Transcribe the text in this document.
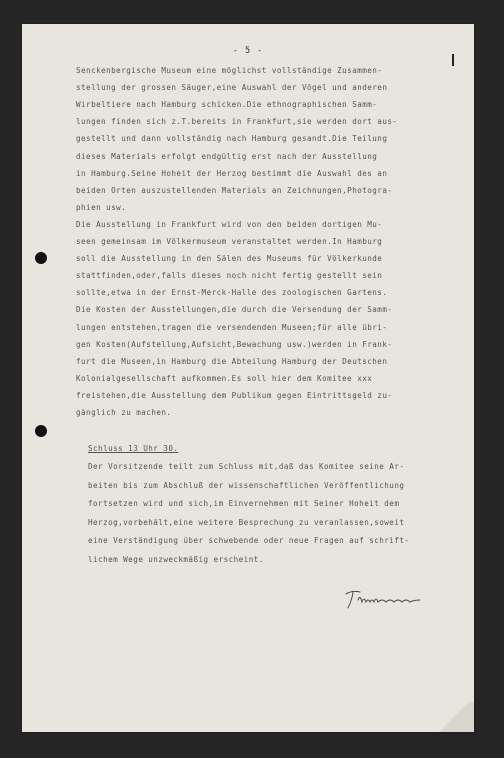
- 5 -
Senckenbergische Museum eine möglichst vollständige Zusammen-
stellung der grossen Säuger,eine Auswahl der Vögel und anderen
Wirbeltiere nach Hamburg schicken.Die ethnographischen Samm-
lungen finden sich z.T.bereits in Frankfurt,sie werden dort aus-
gestellt und dann vollständig nach Hamburg gesandt.Die Teilung
dieses Materials erfolgt endgültig erst nach der Ausstellung
in Hamburg.Seine Hoheit der Herzog bestimmt die Auswahl des an
beiden Orten auszustellenden Materials an Zeichnungen,Photogra-
phien usw.
Die Ausstellung in Frankfurt wird von den beiden dortigen Mu-
seen gemeinsam im Völkermuseum veranstaltet werden.In Hamburg
soll die Ausstellung in den Sälen des Museums für Völkerkunde
stattfinden,oder,falls dieses noch nicht fertig gestellt sein
sollte,etwa in der Ernst-Merck-Halle des zoologischen Gartens.
Die Kosten der Ausstellungen,die durch die Versendung der Samm-
lungen entstehen,tragen die versendenden Museen;für alle übri-
gen Kosten(Aufstellung,Aufsicht,Bewachung usw.)werden in Frank-
furt die Museen,in Hamburg die Abteilung Hamburg der Deutschen
Kolonialgesellschaft aufkommen.Es soll hier dem Komitee xxx
freistehen,die Ausstellung dem Publikum gegen Eintrittsgeld zu-
gänglich zu machen.
Schluss 13 Uhr 30.
Der Vorsitzende teilt zum Schluss mit,daß das Komitee seine Ar-
beiten bis zum Abschluß der wissenschaftlichen Veröffentlichung
fortsetzen wird und sich,im Einvernehmen mit Seiner Hoheit dem
Herzog,vorbehält,eine weitere Besprechung zu veranlassen,soweit
eine Verständigung über schwebende oder neue Fragen auf schrift-
lichem Wege unzweckmäßig erscheint.
